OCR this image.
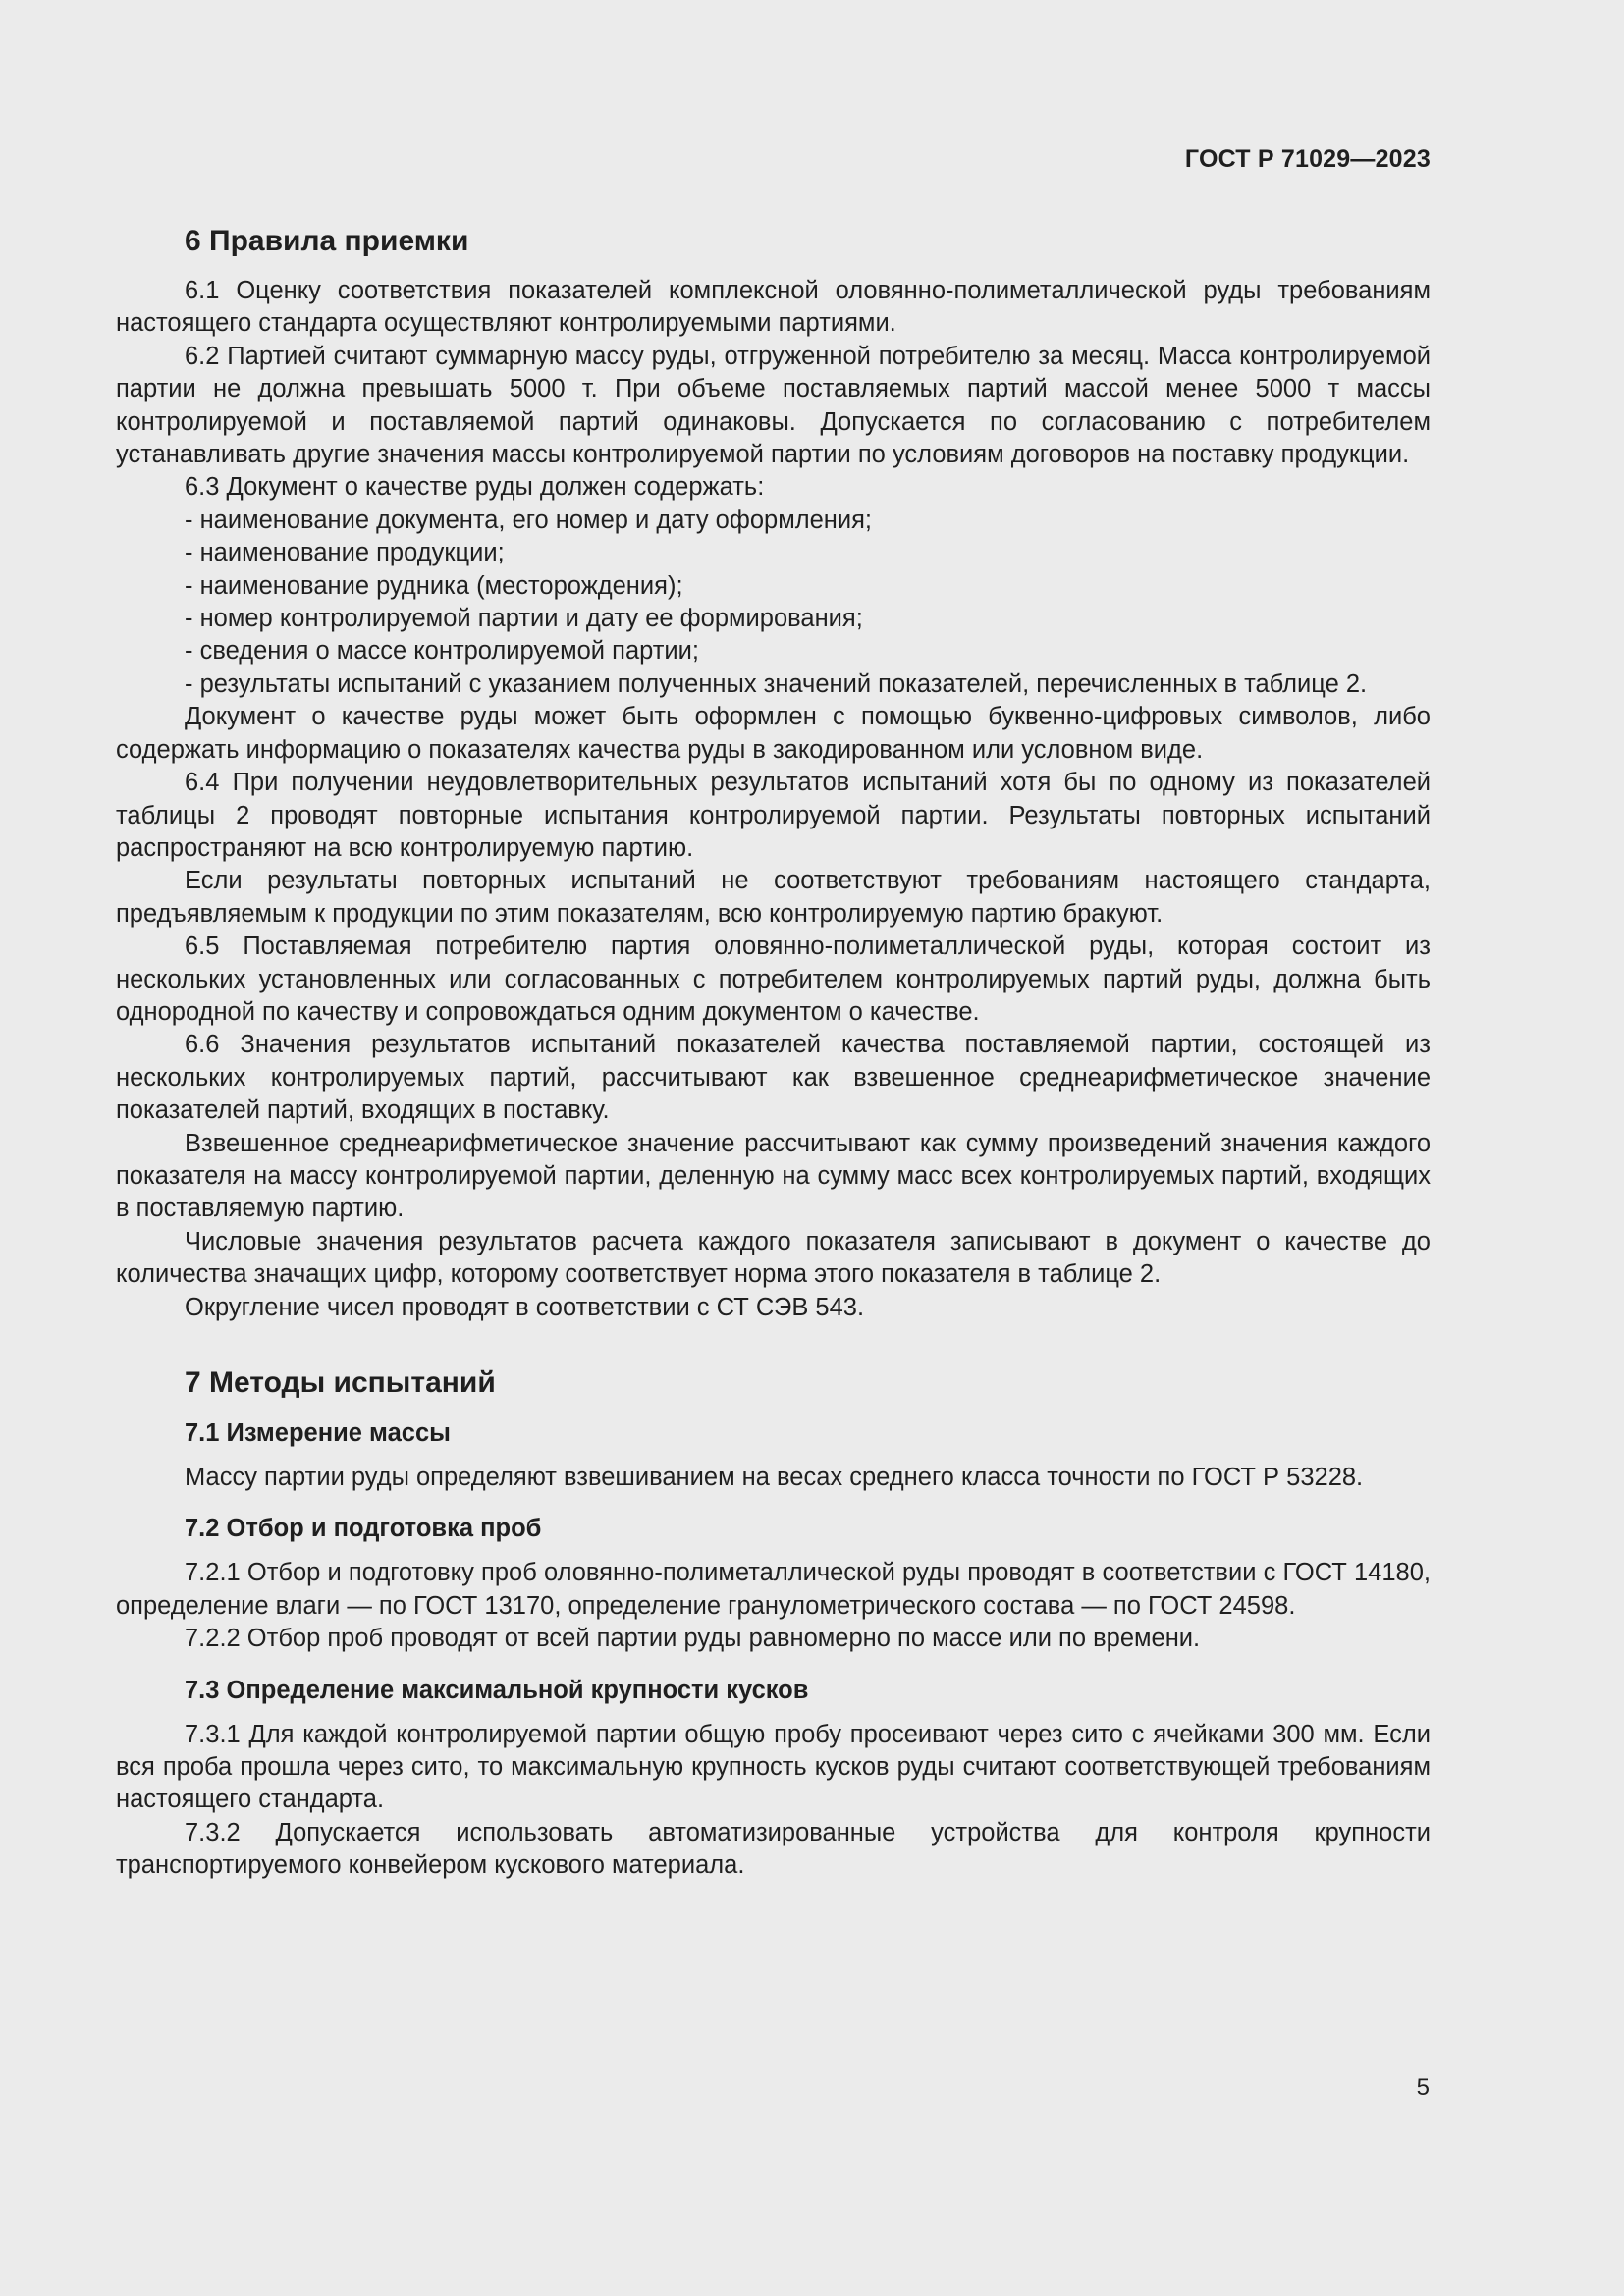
ГОСТ Р 71029—2023
6 Правила приемки

6.1 Оценку соответствия показателей комплексной оловянно-полиметаллической руды требованиям настоящего стандарта осуществляют контролируемыми партиями.

6.2 Партией считают суммарную массу руды, отгруженной потребителю за месяц. Масса контролируемой партии не должна превышать 5000 т. При объеме поставляемых партий массой менее 5000 т массы контролируемой и поставляемой партий одинаковы. Допускается по согласованию с потребителем устанавливать другие значения массы контролируемой партии по условиям договоров на поставку продукции.

6.3 Документ о качестве руды должен содержать:

- наименование документа, его номер и дату оформления;

- наименование продукции;

- наименование рудника (месторождения);

- номер контролируемой партии и дату ее формирования;

- сведения о массе контролируемой партии;

- результаты испытаний с указанием полученных значений показателей, перечисленных в таблице 2.

Документ о качестве руды может быть оформлен с помощью буквенно-цифровых символов, либо содержать информацию о показателях качества руды в закодированном или условном виде.

6.4 При получении неудовлетворительных результатов испытаний хотя бы по одному из показателей таблицы 2 проводят повторные испытания контролируемой партии. Результаты повторных испытаний распространяют на всю контролируемую партию.

Если результаты повторных испытаний не соответствуют требованиям настоящего стандарта, предъявляемым к продукции по этим показателям, всю контролируемую партию бракуют.

6.5 Поставляемая потребителю партия оловянно-полиметаллической руды, которая состоит из нескольких установленных или согласованных с потребителем контролируемых партий руды, должна быть однородной по качеству и сопровождаться одним документом о качестве.

6.6 Значения результатов испытаний показателей качества поставляемой партии, состоящей из нескольких контролируемых партий, рассчитывают как взвешенное среднеарифметическое значение показателей партий, входящих в поставку.

Взвешенное среднеарифметическое значение рассчитывают как сумму произведений значения каждого показателя на массу контролируемой партии, деленную на сумму масс всех контролируемых партий, входящих в поставляемую партию.

Числовые значения результатов расчета каждого показателя записывают в документ о качестве до количества значащих цифр, которому соответствует норма этого показателя в таблице 2.

Округление чисел проводят в соответствии с СТ СЭВ 543.

7 Методы испытаний
7.1 Измерение массы

Массу партии руды определяют взвешиванием на весах среднего класса точности по ГОСТ Р 53228.

7.2 Отбор и подготовка проб

7.2.1 Отбор и подготовку проб оловянно-полиметаллической руды проводят в соответствии с ГОСТ 14180, определение влаги — по ГОСТ 13170, определение гранулометрического состава — по ГОСТ 24598.

7.2.2 Отбор проб проводят от всей партии руды равномерно по массе или по времени.

7.3 Определение максимальной крупности кусков

7.3.1 Для каждой контролируемой партии общую пробу просеивают через сито с ячейками 300 мм. Если вся проба прошла через сито, то максимальную крупность кусков руды считают соответствующей требованиям настоящего стандарта.

7.3.2 Допускается использовать автоматизированные устройства для контроля крупности транспортируемого конвейером кускового материала.

5
